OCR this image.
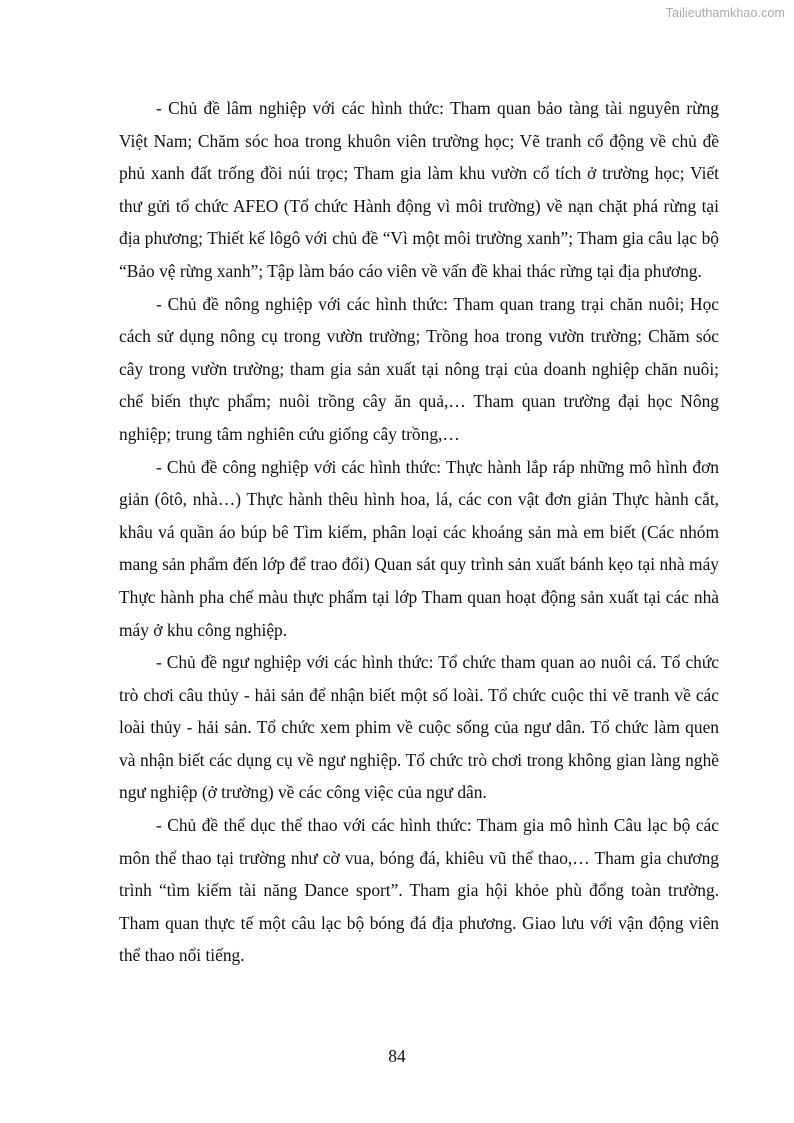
Tailieuthamkhao.com

- Chủ đề lâm nghiệp với các hình thức: Tham quan bảo tàng tài nguyên rừng Việt Nam; Chăm sóc hoa trong khuôn viên trường học; Vẽ tranh cổ động về chủ đề phủ xanh đất trống đồi núi trọc; Tham gia làm khu vườn cổ tích ở trường học; Viết thư gửi tổ chức AFEO (Tổ chức Hành động vì môi trường) về nạn chặt phá rừng tại địa phương; Thiết kế lôgô với chủ đề “Vì một môi trường xanh”; Tham gia câu lạc bộ “Bảo vệ rừng xanh”; Tập làm báo cáo viên về vấn đề khai thác rừng tại địa phương.

- Chủ đề nông nghiệp với các hình thức: Tham quan trang trại chăn nuôi; Học cách sử dụng nông cụ trong vườn trường; Trồng hoa trong vườn trường; Chăm sóc cây trong vườn trường; tham gia sản xuất tại nông trại của doanh nghiệp chăn nuôi; chế biến thực phẩm; nuôi trồng cây ăn quả,… Tham quan trường đại học Nông nghiệp; trung tâm nghiên cứu giống cây trồng,…

- Chủ đề công nghiệp với các hình thức: Thực hành lắp ráp những mô hình đơn giản (ôtô, nhà…) Thực hành thêu hình hoa, lá, các con vật đơn giản Thực hành cắt, khâu vá quần áo búp bê Tìm kiếm, phân loại các khoáng sản mà em biết (Các nhóm mang sản phẩm đến lớp để trao đổi) Quan sát quy trình sản xuất bánh kẹo tại nhà máy Thực hành pha chế màu thực phẩm tại lớp Tham quan hoạt động sản xuất tại các nhà máy ở khu công nghiệp.

- Chủ đề ngư nghiệp với các hình thức: Tổ chức tham quan ao nuôi cá. Tổ chức trò chơi câu thủy - hải sản để nhận biết một số loài. Tổ chức cuộc thi vẽ tranh về các loài thủy - hải sản. Tổ chức xem phim về cuộc sống của ngư dân. Tổ chức làm quen và nhận biết các dụng cụ về ngư nghiệp. Tổ chức trò chơi trong không gian làng nghề ngư nghiệp (ở trường) về các công việc của ngư dân.

- Chủ đề thể dục thể thao với các hình thức: Tham gia mô hình Câu lạc bộ các môn thể thao tại trường như cờ vua, bóng đá, khiêu vũ thể thao,… Tham gia chương trình “tìm kiếm tài năng Dance sport”. Tham gia hội khỏe phù đổng toàn trường. Tham quan thực tế một câu lạc bộ bóng đá địa phương. Giao lưu với vận động viên thể thao nổi tiếng.

84
